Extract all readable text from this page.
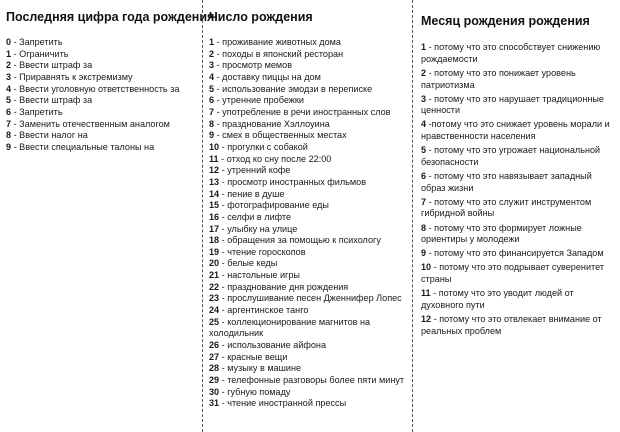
Последняя цифра года рождения
0 - Запретить
1 - Ограничить
2 - Ввести штраф за
3 - Приравнять к экстремизму
4 - Ввести уголовную ответственность за
5 - Ввести штраф за
6 - Запретить
7 - Заменить отечественным аналогом
8 - Ввести налог на
9 - Ввести специальные талоны на
Число рождения
1 - проживание животных дома
2 - походы в японский ресторан
3 - просмотр мемов
4 - доставку пиццы на дом
5 - использование эмодзи в переписке
6 - утренние пробежки
7 - употребление в речи иностранных слов
8 - празднование Хэллоуина
9 - смех в общественных местах
10 - прогулки с собакой
11 - отход ко сну после 22:00
12 - утренний кофе
13 - просмотр иностранных фильмов
14 - пение в душе
15 - фотографирование еды
16 - селфи в лифте
17 - улыбку на улице
18 - обращения за помощью к психологу
19 - чтение гороскопов
20 - белые кеды
21 - настольные игры
22 - празднование дня рождения
23 - прослушивание песен Дженнифер Лопес
24 - аргентинское танго
25 - коллекционирование магнитов на
холодильник
26 - использование айфона
27 - красные вещи
28 - музыку в машине
29 - телефонные разговоры более пяти минут
30 - губную помаду
31 - чтение иностранной прессы
Месяц рождения рождения
1 - потому что это способствует снижению рождаемости
2 - потому что это понижает уровень патриотизма
3 - потому что это нарушает традиционные ценности
4 -потому что это снижает уровень морали и нравственности населения
5 - потому что это угрожает национальной безопасности
6 - потому что это навязывает западный образ жизни
7 - потому что это служит инструментом гибридной войны
8 - потому что это формирует ложные ориентиры у молодежи
9 - потому что это финансируется Западом
10 - потому что это подрывает суверенитет страны
11 - потому что это уводит людей от духовного пути
12 - потому что это отвлекает внимание от реальных проблем
